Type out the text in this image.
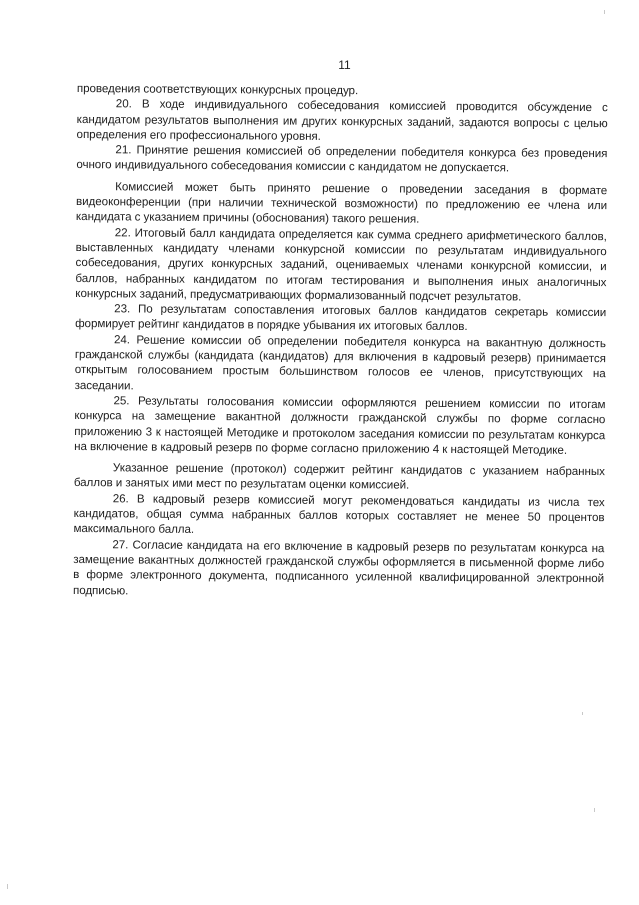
11

проведения соответствующих конкурсных процедур.

20. В ходе индивидуального собеседования комиссией проводится обсуждение с кандидатом результатов выполнения им других конкурсных заданий, задаются вопросы с целью определения его профессионального уровня.

21. Принятие решения комиссией об определении победителя конкурса без проведения очного индивидуального собеседования комиссии с кандидатом не допускается.

Комиссией может быть принято решение о проведении заседания в формате видеоконференции (при наличии технической возможности) по предложению ее члена или кандидата с указанием причины (обоснования) такого решения.

22. Итоговый балл кандидата определяется как сумма среднего арифметического баллов, выставленных кандидату членами конкурсной комиссии по результатам индивидуального собеседования, других конкурсных заданий, оцениваемых членами конкурсной комиссии, и баллов, набранных кандидатом по итогам тестирования и выполнения иных аналогичных конкурсных заданий, предусматривающих формализованный подсчет результатов.

23. По результатам сопоставления итоговых баллов кандидатов секретарь комиссии формирует рейтинг кандидатов в порядке убывания их итоговых баллов.

24. Решение комиссии об определении победителя конкурса на вакантную должность гражданской службы (кандидата (кандидатов) для включения в кадровый резерв) принимается открытым голосованием простым большинством голосов ее членов, присутствующих на заседании.

25. Результаты голосования комиссии оформляются решением комиссии по итогам конкурса на замещение вакантной должности гражданской службы по форме согласно приложению 3 к настоящей Методике и протоколом заседания комиссии по результатам конкурса на включение в кадровый резерв по форме согласно приложению 4 к настоящей Методике.

Указанное решение (протокол) содержит рейтинг кандидатов с указанием набранных баллов и занятых ими мест по результатам оценки комиссией.

26. В кадровый резерв комиссией могут рекомендоваться кандидаты из числа тех кандидатов, общая сумма набранных баллов которых составляет не менее 50 процентов максимального балла.

27. Согласие кандидата на его включение в кадровый резерв по результатам конкурса на замещение вакантных должностей гражданской службы оформляется в письменной форме либо в форме электронного документа, подписанного усиленной квалифицированной электронной подписью.
